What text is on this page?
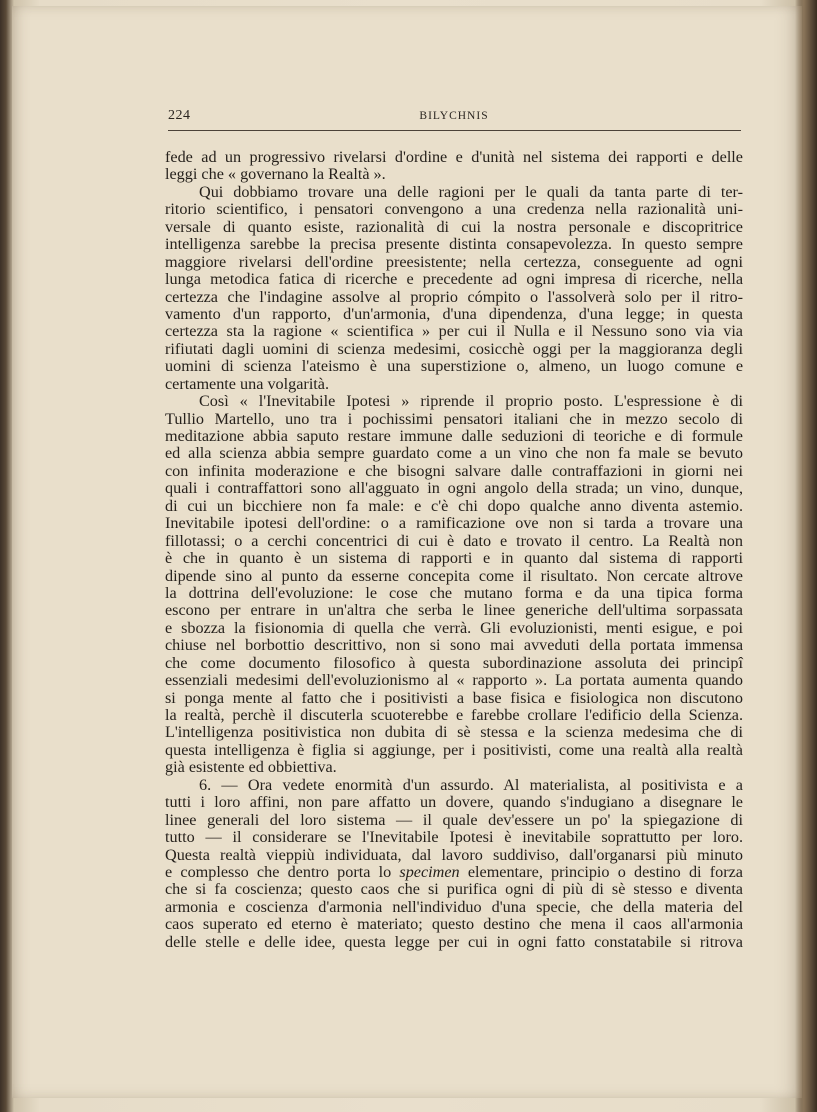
224	BILYCHNIS
fede ad un progressivo rivelarsi d'ordine e d'unità nel sistema dei rapporti e delle
leggi che « governano la Realtà ».
Qui dobbiamo trovare una delle ragioni per le quali da tanta parte di ter-
ritorio scientifico, i pensatori convengono a una credenza nella razionalità uni-
versale di quanto esiste, razionalità di cui la nostra personale e discopritrice
intelligenza sarebbe la precisa presente distinta consapevolezza. In questo sempre
maggiore rivelarsi dell'ordine preesistente; nella certezza, conseguente ad ogni
lunga metodica fatica di ricerche e precedente ad ogni impresa di ricerche, nella
certezza che l'indagine assolve al proprio cómpito o l'assolverà solo per il ritro-
vamento d'un rapporto, d'un'armonia, d'una dipendenza, d'una legge; in questa
certezza sta la ragione « scientifica » per cui il Nulla e il Nessuno sono via via
rifiutati dagli uomini di scienza medesimi, cosicchè oggi per la maggioranza degli
uomini di scienza l'ateismo è una superstizione o, almeno, un luogo comune e
certamente una volgarità.
Così « l'Inevitabile Ipotesi » riprende il proprio posto. L'espressione è di
Tullio Martello, uno tra i pochissimi pensatori italiani che in mezzo secolo di
meditazione abbia saputo restare immune dalle seduzioni di teoriche e di formule
ed alla scienza abbia sempre guardato come a un vino che non fa male se bevuto
con infinita moderazione e che bisogni salvare dalle contraffazioni in giorni nei
quali i contraffattori sono all'agguato in ogni angolo della strada; un vino, dunque,
di cui un bicchiere non fa male: e c'è chi dopo qualche anno diventa astemio.
Inevitabile ipotesi dell'ordine: o a ramificazione ove non si tarda a trovare una
fillotassi; o a cerchi concentrici di cui è dato e trovato il centro. La Realtà non
è che in quanto è un sistema di rapporti e in quanto dal sistema di rapporti
dipende sino al punto da esserne concepita come il risultato. Non cercate altrove
la dottrina dell'evoluzione: le cose che mutano forma e da una tipica forma
escono per entrare in un'altra che serba le linee generiche dell'ultima sorpassata
e sbozza la fisionomia di quella che verrà. Gli evoluzionisti, menti esigue, e poi
chiuse nel borbottio descrittivo, non si sono mai avveduti della portata immensa
che come documento filosofico à questa subordinazione assoluta dei principî
essenziali medesimi dell'evoluzionismo al « rapporto ». La portata aumenta quando
si ponga mente al fatto che i positivisti a base fisica e fisiologica non discutono
la realtà, perchè il discuterla scuoterebbe e farebbe crollare l'edificio della Scienza.
L'intelligenza positivistica non dubita di sè stessa e la scienza medesima che di
questa intelligenza è figlia si aggiunge, per i positivisti, come una realtà alla realtà
già esistente ed obbiettiva.
6. — Ora vedete enormità d'un assurdo. Al materialista, al positivista e a
tutti i loro affini, non pare affatto un dovere, quando s'indugiano a disegnare le
linee generali del loro sistema — il quale dev'essere un po' la spiegazione di
tutto — il considerare se l'Inevitabile Ipotesi è inevitabile soprattutto per loro.
Questa realtà vieppiù individuata, dal lavoro suddiviso, dall'organarsi più minuto
e complesso che dentro porta lo specimen elementare, principio o destino di forza
che si fa coscienza; questo caos che si purifica ogni di più di sè stesso e diventa
armonia e coscienza d'armonia nell'individuo d'una specie, che della materia del
caos superato ed eterno è materiato; questo destino che mena il caos all'armonia
delle stelle e delle idee, questa legge per cui in ogni fatto constatabile si ritrova
